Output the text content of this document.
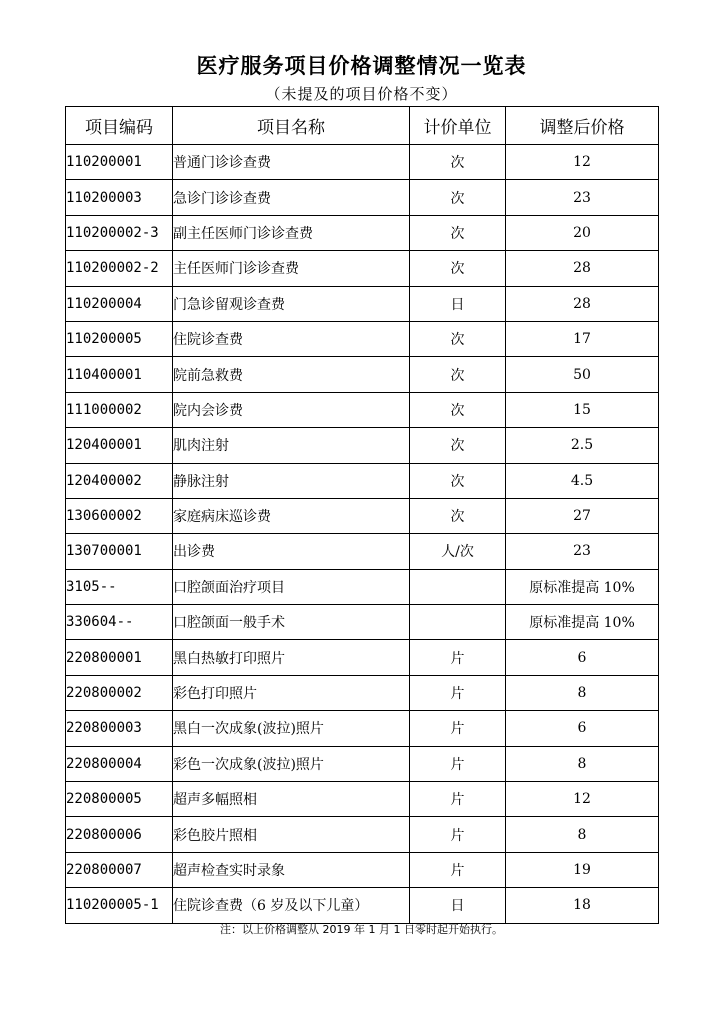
医疗服务项目价格调整情况一览表
（未提及的项目价格不变）
项目编码	项目名称	计价单位	调整后价格
110200001	普通门诊诊查费	次	12
110200003	急诊门诊诊查费	次	23
110200002-3	副主任医师门诊诊查费	次	20
110200002-2	主任医师门诊诊查费	次	28
110200004	门急诊留观诊查费	日	28
110200005	住院诊查费	次	17
110400001	院前急救费	次	50
111000002	院内会诊费	次	15
120400001	肌肉注射	次	2.5
120400002	静脉注射	次	4.5
130600002	家庭病床巡诊费	次	27
130700001	出诊费	人/次	23
3105--	口腔颌面治疗项目		原标准提高 10%
330604--	口腔颌面一般手术		原标准提高 10%
220800001	黑白热敏打印照片	片	6
220800002	彩色打印照片	片	8
220800003	黑白一次成象(波拉)照片	片	6
220800004	彩色一次成象(波拉)照片	片	8
220800005	超声多幅照相	片	12
220800006	彩色胶片照相	片	8
220800007	超声检查实时录象	片	19
110200005-1	住院诊查费（6 岁及以下儿童）	日	18
注：以上价格调整从 2019 年 1 月 1 日零时起开始执行。
